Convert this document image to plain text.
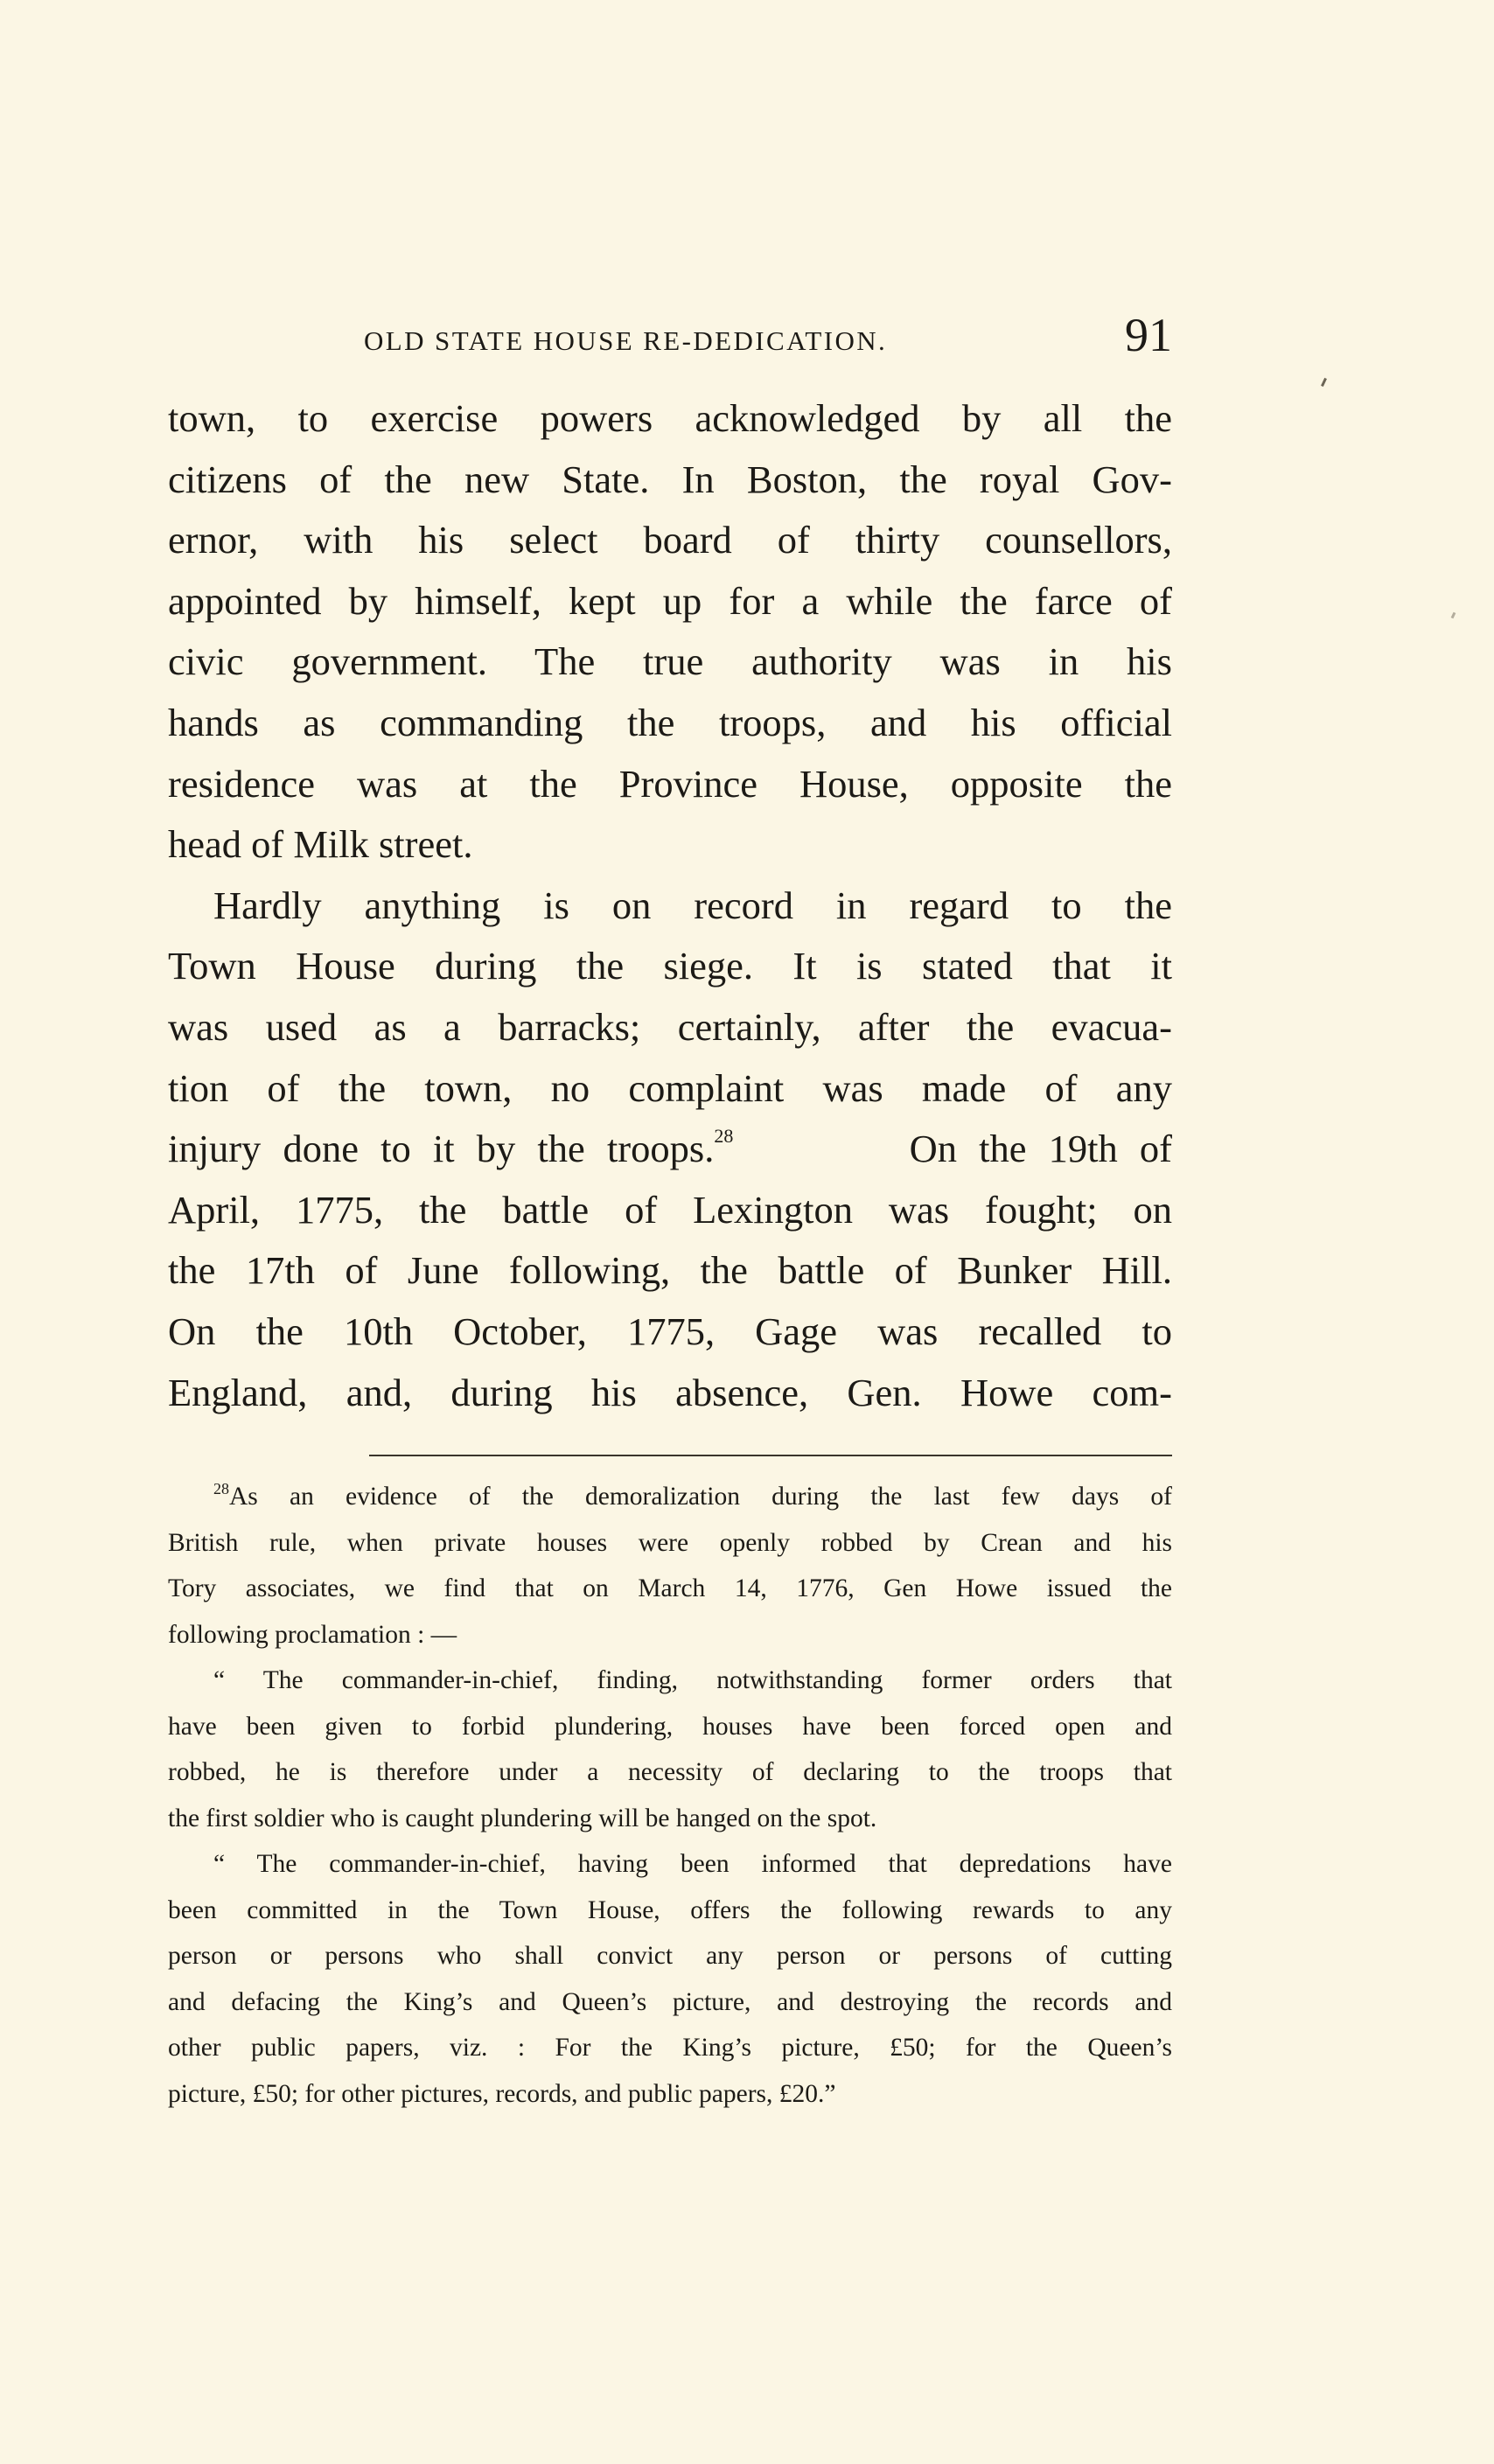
OLD STATE HOUSE RE-DEDICATION.	91
town, to exercise powers acknowledged by all the
citizens of the new State. In Boston, the royal Gov-
ernor, with his select board of thirty counsellors,
appointed by himself, kept up for a while the farce of
civic government. The true authority was in his
hands as commanding the troops, and his official
residence was at the Province House, opposite the
head of Milk street.
Hardly anything is on record in regard to the
Town House during the siege. It is stated that it
was used as a barracks; certainly, after the evacua-
tion of the town, no complaint was made of any
injury done to it by the troops.$^{28}$	On the 19th of
April, 1775, the battle of Lexington was fought; on
the 17th of June following, the battle of Bunker Hill.
On the 10th October, 1775, Gage was recalled to
England, and, during his absence, Gen. Howe com-
$^{28}$As an evidence of the demoralization during the last few days of
British rule, when private houses were openly robbed by Crean and his
Tory associates, we find that on March 14, 1776, Gen Howe issued the
following proclamation : —
“ The commander-in-chief, finding, notwithstanding former orders that
have been given to forbid plundering, houses have been forced open and
robbed, he is therefore under a necessity of declaring to the troops that
the first soldier who is caught plundering will be hanged on the spot.
“ The commander-in-chief, having been informed that depredations have
been committed in the Town House, offers the following rewards to any
person or persons who shall convict any person or persons of cutting
and defacing the King’s and Queen’s picture, and destroying the records and
other public papers, viz. : For the King’s picture, £50; for the Queen’s
picture, £50; for other pictures, records, and public papers, £20.”
